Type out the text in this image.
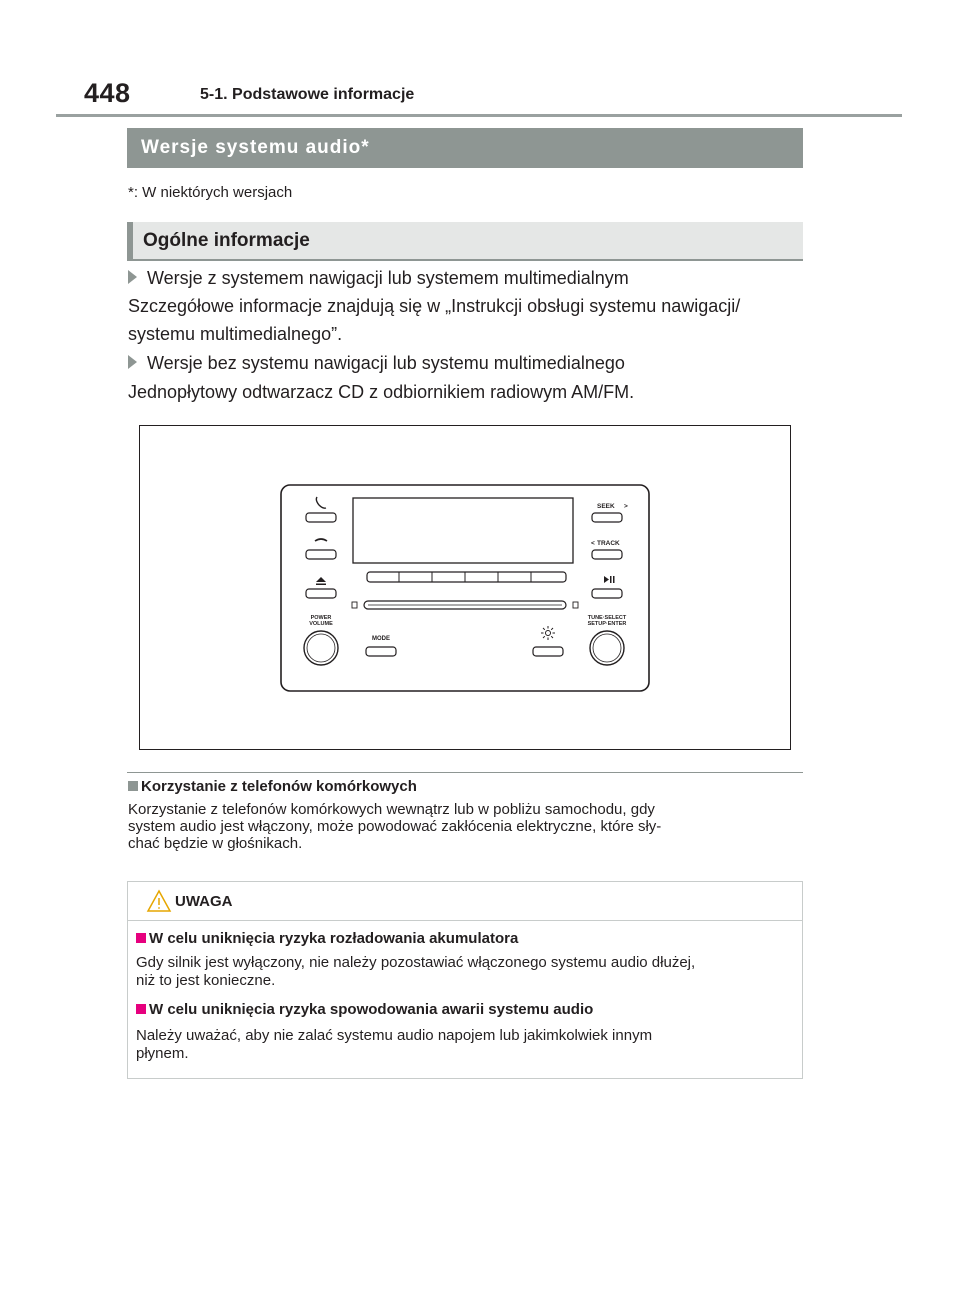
448	5-1. Podstawowe informacje
Wersje systemu audio*
*: W niektórych wersjach
Ogólne informacje
Wersje z systemem nawigacji lub systemem multimedialnym
Szczegółowe informacje znajdują się w „Instrukcji obsługi systemu nawigacji/
systemu multimedialnego”.
Wersje bez systemu nawigacji lub systemu multimedialnego
Jednopłytowy odtwarzacz CD z odbiornikiem radiowym AM/FM.
SEEK >
< TRACK
POWER
VOLUME
TUNE·SELECT
SETUP·ENTER
MODE
Korzystanie z telefonów komórkowych
Korzystanie z telefonów komórkowych wewnątrz lub w pobliżu samochodu, gdy
system audio jest włączony, może powodować zakłócenia elektryczne, które sły-
chać będzie w głośnikach.
UWAGA
W celu uniknięcia ryzyka rozładowania akumulatora
Gdy silnik jest wyłączony, nie należy pozostawiać włączonego systemu audio dłużej,
niż to jest konieczne.
W celu uniknięcia ryzyka spowodowania awarii systemu audio
Należy uważać, aby nie zalać systemu audio napojem lub jakimkolwiek innym
płynem.
